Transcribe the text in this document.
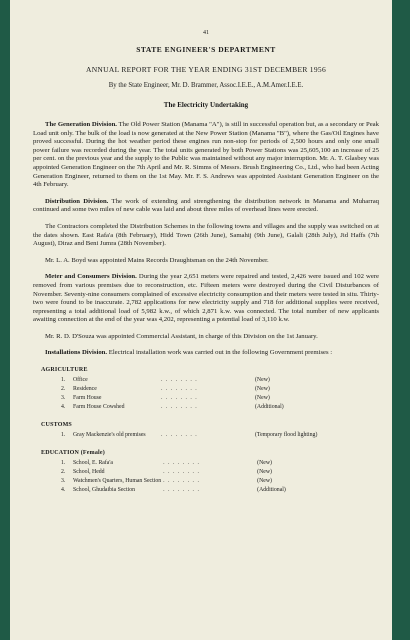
41
STATE ENGINEER'S DEPARTMENT
ANNUAL REPORT FOR THE YEAR ENDING 31ST DECEMBER 1956
By the State Engineer, Mr. D. Brammer, Assoc.I.E.E., A.M.Amer.I.E.E.
The Electricity Undertaking

The Generation Division. The Old Power Station (Manama "A"), is still in successful operation but, as a secondary or Peak Load unit only. The bulk of the load is now generated at the New Power Station (Manama "B"), where the Gas/Oil Engines have proved successful. During the hot weather period these engines run non-stop for periods of 2,500 hours and only one small power failure was recorded during the year. The total units generated by both Power Stations was 25,605,100 an increase of 25 per cent. on the previous year and the supply to the Public was maintained without any major interruption. Mr. A. T. Glasbey was appointed Generation Engineer on the 7th April and Mr. R. Simms of Messrs. Brush Engineering Co., Ltd., who had been Acting Generation Engineer, returned to them on the 1st May. Mr. F. S. Andrews was appointed Assistant Generation Engineer on the 4th February.

Distribution Division. The work of extending and strengthening the distribution network in Manama and Muharraq continued and some two miles of new cable was laid and about three miles of overhead lines were erected.

The Contractors completed the Distribution Schemes in the following towns and villages and the supply was switched on at the dates shown. East Rafa'a (8th February), Hidd Town (26th June), Samahij (9th June), Galali (28th July), Jid Haffs (7th August), Diraz and Beni Jumra (28th November).

Mr. L. A. Boyd was appointed Mains Records Draughtsman on the 24th November.

Meter and Consumers Division. During the year 2,651 meters were repaired and tested, 2,426 were issued and 102 were removed from various premises due to reconstruction, etc. Fifteen meters were destroyed during the Civil Disturbances of November. Seventy-nine consumers complained of excessive electricity consumption and their meters were tested in situ. Thirty-two were found to be inaccurate. 2,782 applications for new electricity supply and 718 for additional supplies were received, representing a total additional load of 5,982 k.w., of which 2,871 k.w. was connected. The total number of new applicants awaiting connection at the end of the year was 4,202, representing a potential load of 3,110 k.w.

Mr. R. D. D'Souza was appointed Commercial Assistant, in charge of this Division on the 1st January.

Installations Division. Electrical installation work was carried out in the following Government premises :

AGRICULTURE
1.	Office	. . . . . . . .	(New)
2.	Residence	. . . . . . . .	(New)
3.	Farm House	. . . . . . . .	(New)
4.	Farm House Cowshed	. . . . . . . .	(Additional)
CUSTOMS
1.	Gray Mackenzie's old premises	. . . . . . . .	(Temporary flood lighting)
EDUCATION (Female)
1.	School, E. Rafa'a	. . . . . . . .	(New)
2.	School, Hedd	. . . . . . . .	(New)
3.	Watchmen's Quarters, Human Section	. . . . . . . .	(New)
4.	School, Ghudaibia Section	. . . . . . . .	(Additional)
